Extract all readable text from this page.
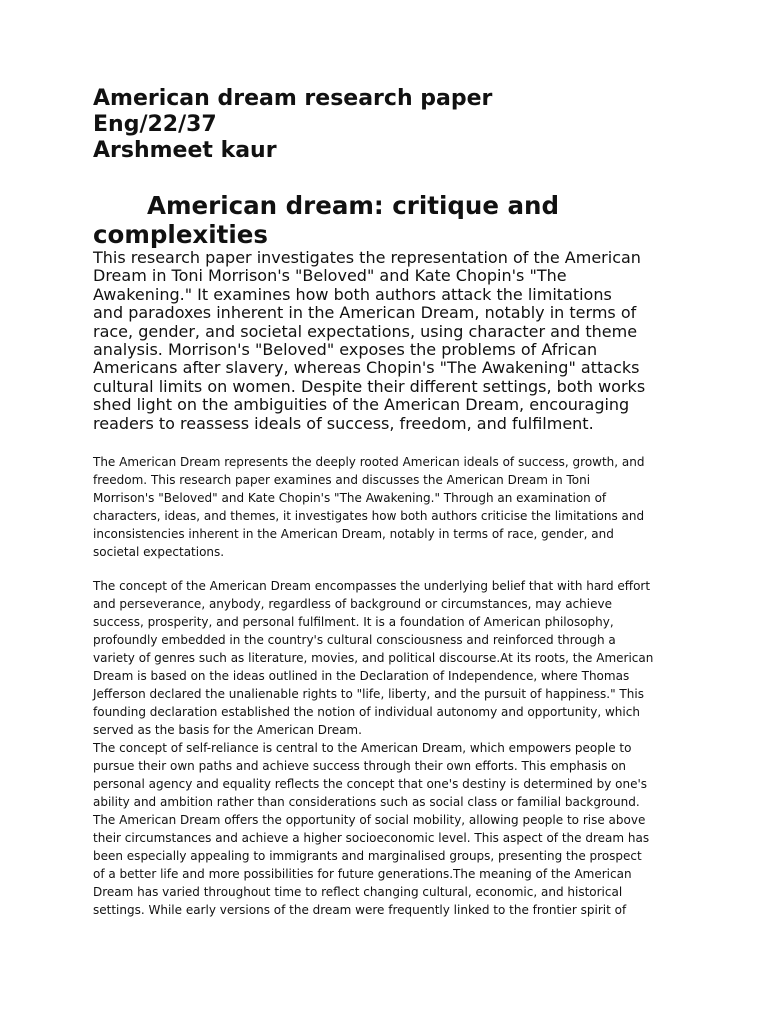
American dream research paper
Eng/22/37
Arshmeet kaur
American dream: critique and
complexities

This research paper investigates the representation of the American
Dream in Toni Morrison's "Beloved" and Kate Chopin's "The
Awakening." It examines how both authors attack the limitations
and paradoxes inherent in the American Dream, notably in terms of
race, gender, and societal expectations, using character and theme
analysis. Morrison's "Beloved" exposes the problems of African
Americans after slavery, whereas Chopin's "The Awakening" attacks
cultural limits on women. Despite their different settings, both works
shed light on the ambiguities of the American Dream, encouraging
readers to reassess ideals of success, freedom, and fulfilment.

The American Dream represents the deeply rooted American ideals of success, growth, and
freedom. This research paper examines and discusses the American Dream in Toni
Morrison's "Beloved" and Kate Chopin's "The Awakening." Through an examination of
characters, ideas, and themes, it investigates how both authors criticise the limitations and
inconsistencies inherent in the American Dream, notably in terms of race, gender, and
societal expectations.

The concept of the American Dream encompasses the underlying belief that with hard effort
and perseverance, anybody, regardless of background or circumstances, may achieve
success, prosperity, and personal fulfilment. It is a foundation of American philosophy,
profoundly embedded in the country's cultural consciousness and reinforced through a
variety of genres such as literature, movies, and political discourse.At its roots, the American
Dream is based on the ideas outlined in the Declaration of Independence, where Thomas
Jefferson declared the unalienable rights to "life, liberty, and the pursuit of happiness." This
founding declaration established the notion of individual autonomy and opportunity, which
served as the basis for the American Dream.
The concept of self-reliance is central to the American Dream, which empowers people to
pursue their own paths and achieve success through their own efforts. This emphasis on
personal agency and equality reflects the concept that one's destiny is determined by one's
ability and ambition rather than considerations such as social class or familial background.
The American Dream offers the opportunity of social mobility, allowing people to rise above
their circumstances and achieve a higher socioeconomic level. This aspect of the dream has
been especially appealing to immigrants and marginalised groups, presenting the prospect
of a better life and more possibilities for future generations.The meaning of the American
Dream has varied throughout time to reflect changing cultural, economic, and historical
settings. While early versions of the dream were frequently linked to the frontier spirit of
